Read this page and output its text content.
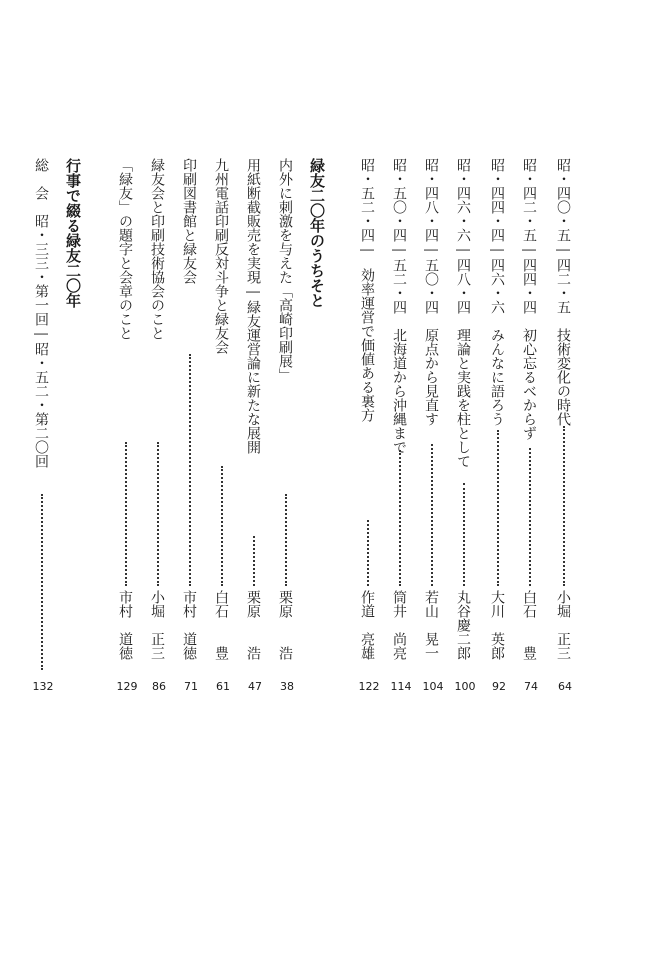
昭・四〇・五―四二・五　技術変化の時代
小堀　正三
64
昭・四二・五―四四・四　初心忘るべからず
白石　　豊
74
昭・四四・四―四六・六　みんなに語ろう
大川　英郎
92
昭・四六・六―四八・四　理論と実践を柱として
丸谷慶二郎
100
昭・四八・四―五〇・四　原点から見直す
若山　晃一
104
昭・五〇・四―五二・四　北海道から沖縄まで
筒井　尚亮
114
昭・五二・四―
効率運営で価値ある裏方
作道　亮雄
122
緑友二〇年のうちそと
内外に刺激を与えた「高崎印刷展」
栗原　　浩
38
用紙断截販売を実現―緑友運営論に新たな展開
栗原　　浩
47
九州電話印刷反対斗争と緑友会
白石　　豊
61
印刷図書館と緑友会
市村　道徳
71
緑友会と印刷技術協会のこと
小堀　正三
86
「緑友」の題字と会章のこと
市村　道徳
129
行事で綴る緑友二〇年
総　会　昭・三三・第一回―昭・五二・第二〇回
132
